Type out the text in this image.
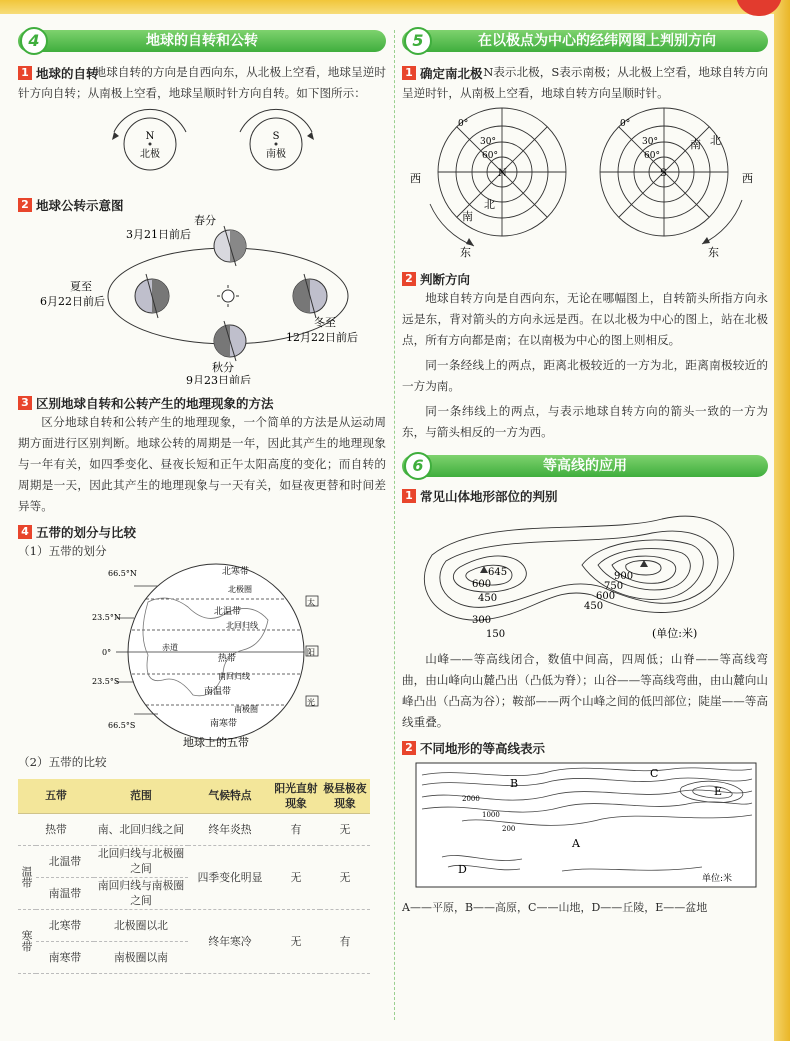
4	地球的自转和公转
1 地球的自转

地球自转的方向是自西向东，从北极上空看，地球呈逆时针方向自转；从南极上空看，地球呈顺时针方向自转。如下图所示：

N
北极
S
南极
2 地球公转示意图
春分
3月21日前后
夏至
6月22日前后
冬至
12月22日前后
秋分
9月23日前后
3 区别地球自转和公转产生的地理现象的方法

区分地球自转和公转产生的地理现象，一个简单的方法是从运动周期方面进行区别判断。地球公转的周期是一年，因此其产生的地理现象与一年有关，如四季变化、昼夜长短和正午太阳高度的变化；而自转的周期是一天，因此其产生的地理现象与一天有关，如昼夜更替和时间差异等。

4 五带的划分与比较

（1）五带的划分

66.5°N
23.5°N
0°
23.5°S
66.5°S
北寒带
北极圈
北温带
北回归线
赤道
热带
南回归线
南温带
南极圈
南寒带
太
阳
光
地球上的五带

（2）五带的比较

五带		范围	气候特点	阳光直射现象	极昼极夜现象
热带		南、北回归线之间	终年炎热	有	无
温带	北温带	北回归线与北极圈之间	四季变化明显	无	无
	南温带	南回归线与南极圈之间			
寒带	北寒带	北极圈以北	终年寒冷	无	有
	南寒带	南极圈以南			
5	在以极点为中心的经纬网图上判别方向
1 确定南北极 N表示北极，S表示南极；从北极上空看，地球自转方向呈逆时针，从南极上空看，地球自转方向呈顺时针。

0°
30°
60°
N
西
南
北
东
0°
30°
60°
S
南 北
西
东
2 判断方向

地球自转方向是自西向东，无论在哪幅图上，自转箭头所指方向永远是东，背对箭头的方向永远是西。在以北极为中心的图上，站在北极点，所有方向都是南；在以南极为中心的图上则相反。

同一条经线上的两点，距离北极较近的一方为北，距离南极较近的一方为南。

同一条纬线上的两点，与表示地球自转方向的箭头一致的一方为东，与箭头相反的一方为西。

6	等高线的应用
1 常见山体地形部位的判别
645
600
450
300
150
900
750
600
450
(单位:米)

山峰——等高线闭合，数值中间高，四周低；山脊——等高线弯曲，由山峰向山麓凸出（凸低为脊）；山谷——等高线弯曲，由山麓向山峰凸出（凸高为谷）；鞍部——两个山峰之间的低凹部位；陡崖——等高线重叠。

2 不同地形的等高线表示
B
C
E
A
D
1000
2000
200
单位:米

A——平原，B——高原，C——山地，D——丘陵，E——盆地
